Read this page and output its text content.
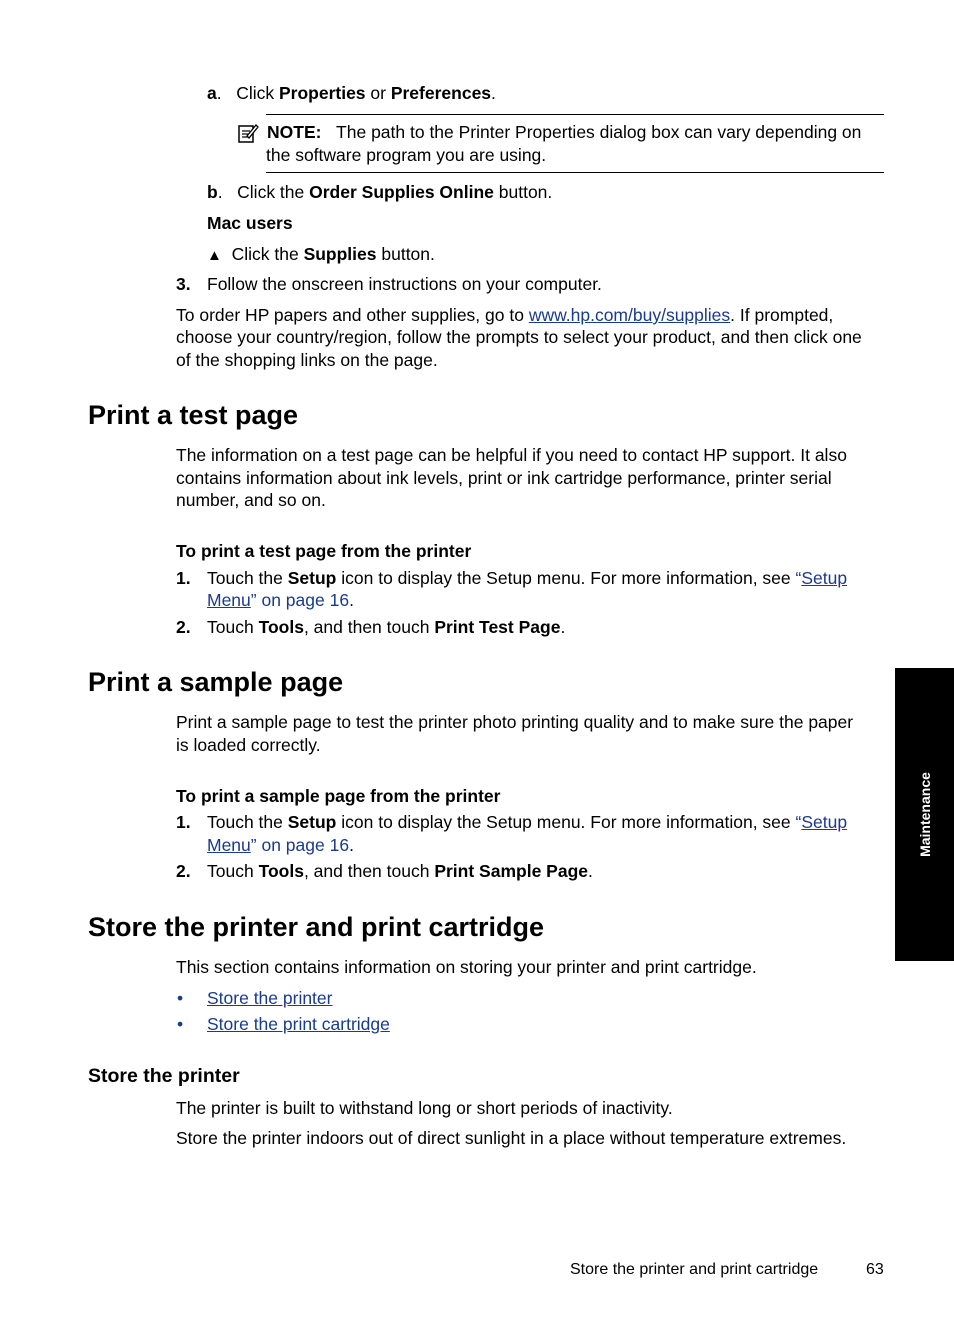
a.   Click Properties or Preferences.
NOTE: The path to the Printer Properties dialog box can vary depending on
the software program you are using.
b.   Click the Order Supplies Online button.
Mac users
▲ Click the Supplies button.
3. Follow the onscreen instructions on your computer.
To order HP papers and other supplies, go to www.hp.com/buy/supplies. If prompted,
choose your country/region, follow the prompts to select your product, and then click one
of the shopping links on the page.
Print a test page
The information on a test page can be helpful if you need to contact HP support. It also
contains information about ink levels, print or ink cartridge performance, printer serial
number, and so on.
To print a test page from the printer
1. Touch the Setup icon to display the Setup menu. For more information, see “Setup
Menu” on page 16.
2. Touch Tools, and then touch Print Test Page.
Print a sample page
Print a sample page to test the printer photo printing quality and to make sure the paper
is loaded correctly.
To print a sample page from the printer
1. Touch the Setup icon to display the Setup menu. For more information, see “Setup
Menu” on page 16.
2. Touch Tools, and then touch Print Sample Page.
Store the printer and print cartridge
This section contains information on storing your printer and print cartridge.
• Store the printer
• Store the print cartridge
Store the printer
The printer is built to withstand long or short periods of inactivity.
Store the printer indoors out of direct sunlight in a place without temperature extremes.
Maintenance
Store the printer and print cartridge	63
